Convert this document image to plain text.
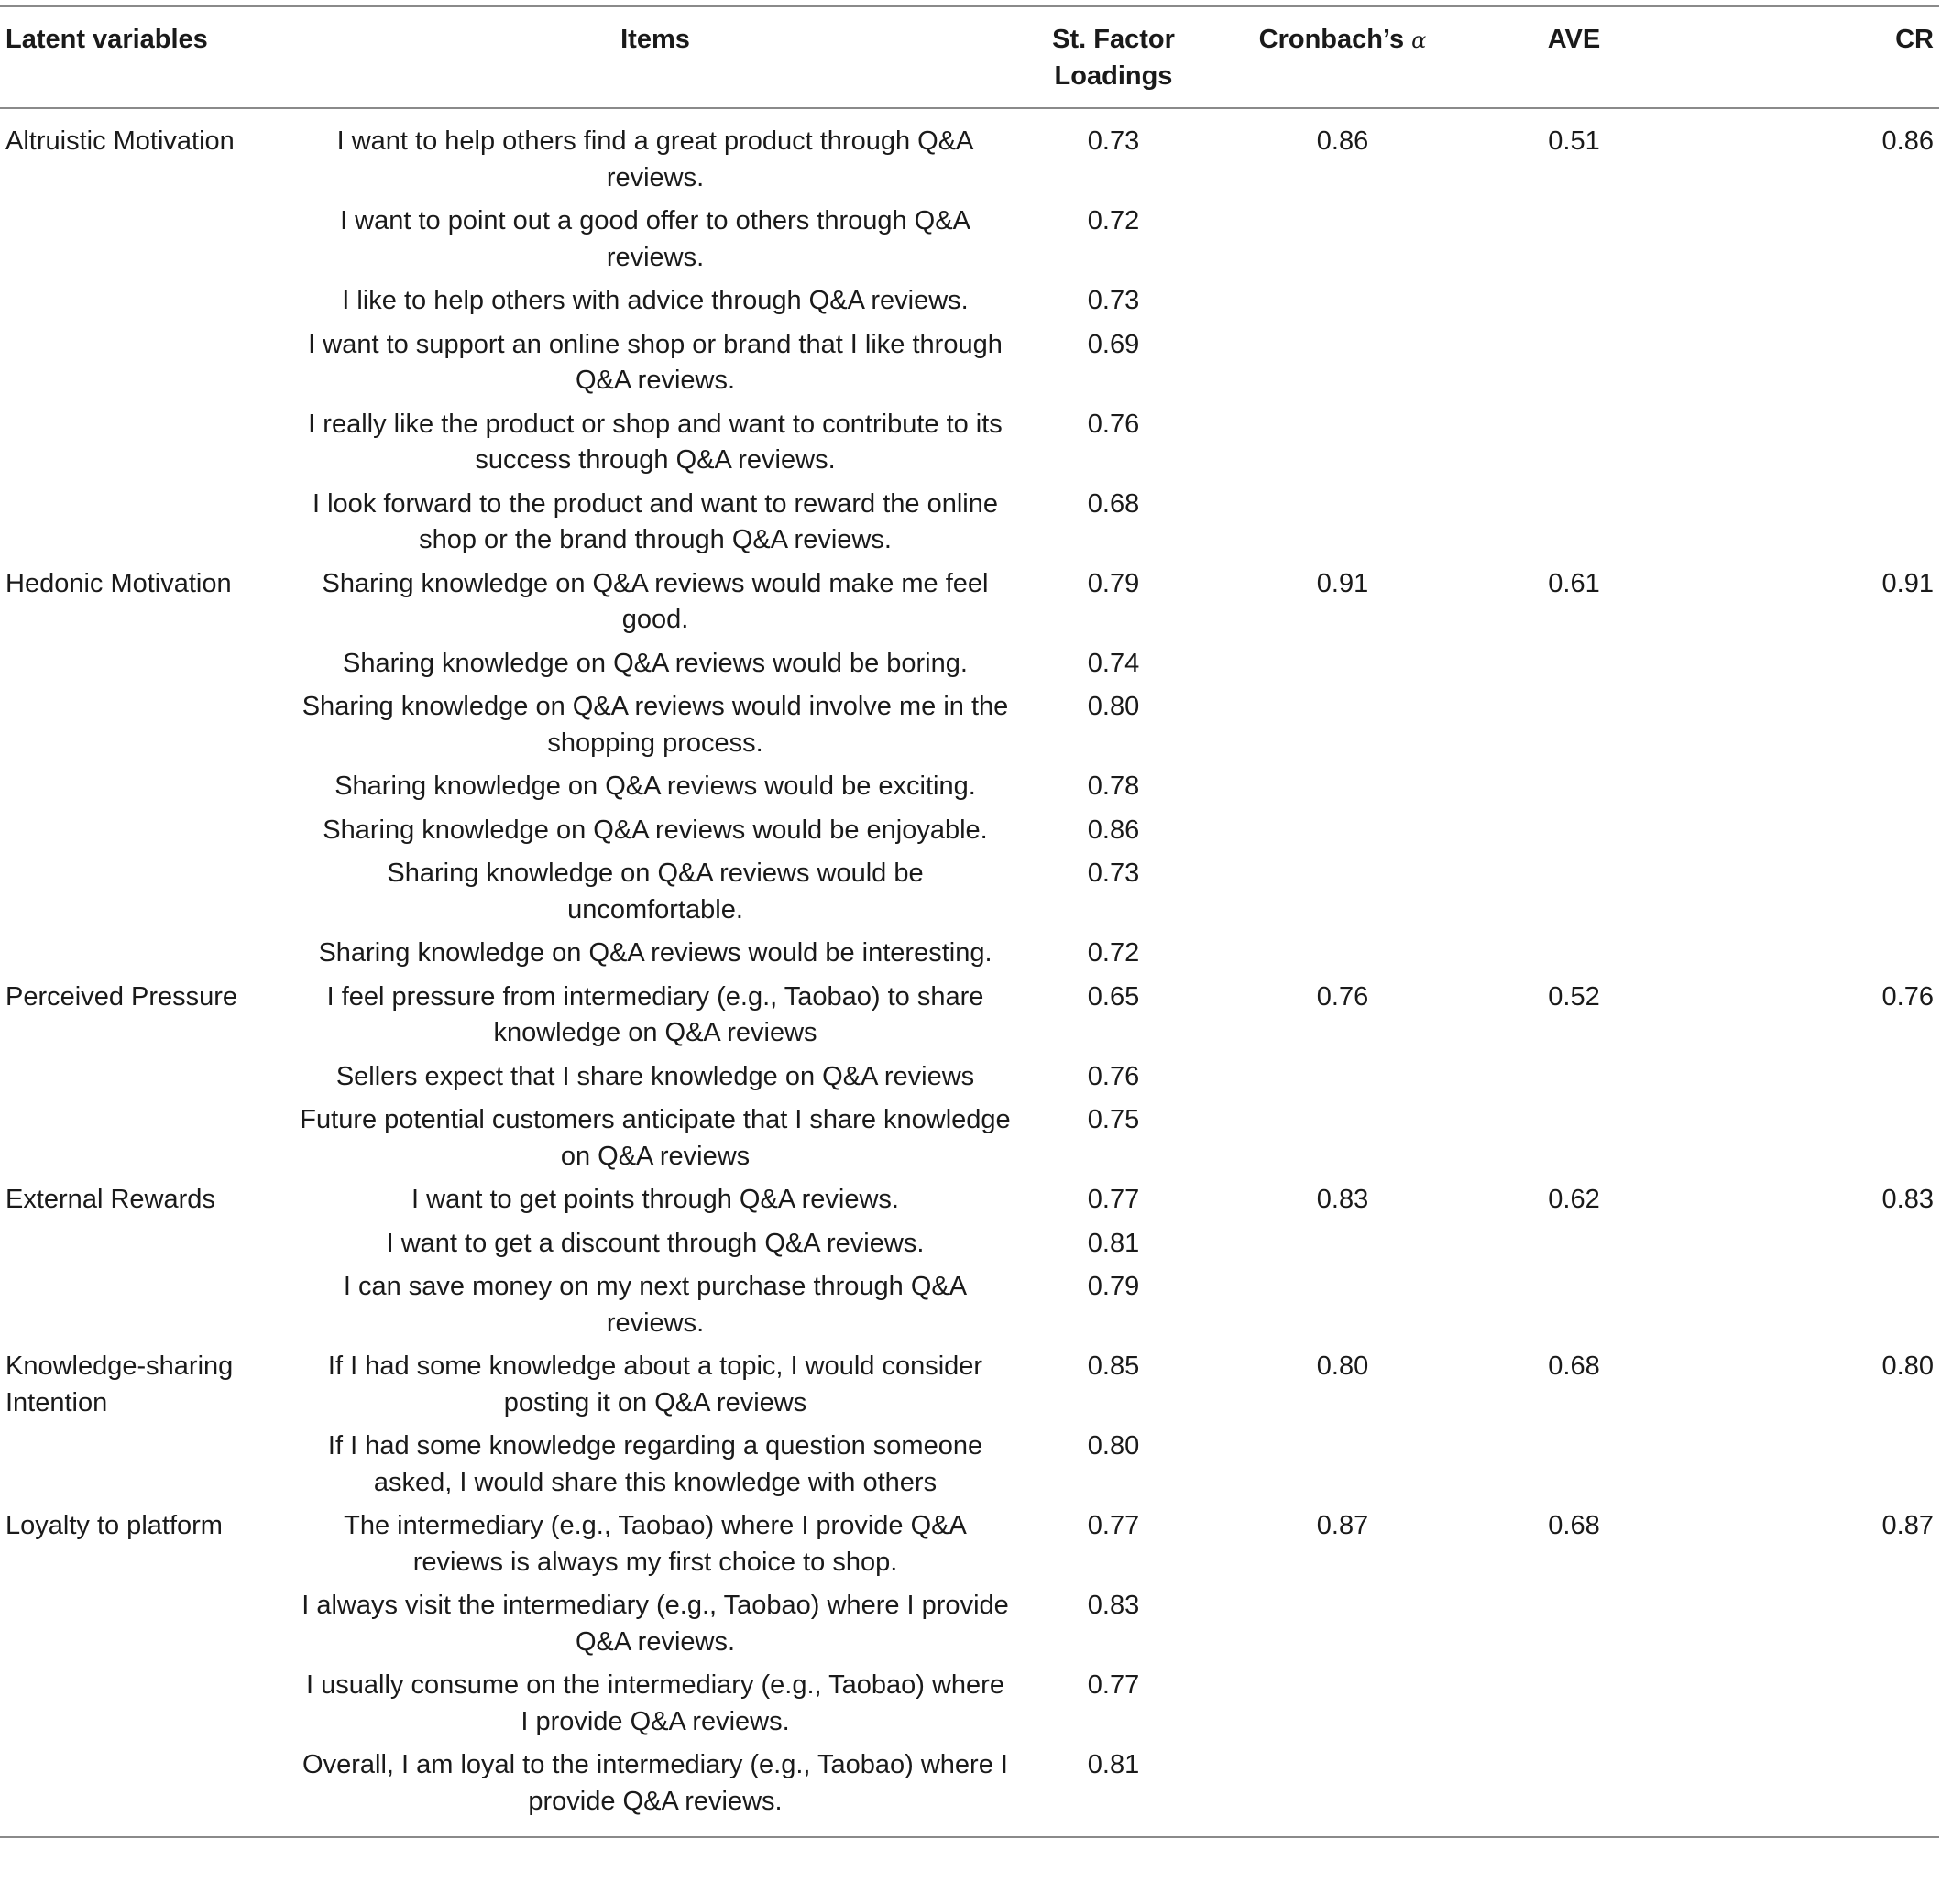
Latent variables	Items	St. Factor Loadings	Cronbach’s α	AVE	CR
Altruistic Motivation	I want to help others find a great product through Q&A reviews.	0.73	0.86	0.51	0.86
	I want to point out a good offer to others through Q&A reviews.	0.72			
	I like to help others with advice through Q&A reviews.	0.73			
	I want to support an online shop or brand that I like through Q&A reviews.	0.69			
	I really like the product or shop and want to contribute to its success through Q&A reviews.	0.76			
	I look forward to the product and want to reward the online shop or the brand through Q&A reviews.	0.68			
Hedonic Motivation	Sharing knowledge on Q&A reviews would make me feel good.	0.79	0.91	0.61	0.91
	Sharing knowledge on Q&A reviews would be boring.	0.74			
	Sharing knowledge on Q&A reviews would involve me in the shopping process.	0.80			
	Sharing knowledge on Q&A reviews would be exciting.	0.78			
	Sharing knowledge on Q&A reviews would be enjoyable.	0.86			
	Sharing knowledge on Q&A reviews would be uncomfortable.	0.73			
	Sharing knowledge on Q&A reviews would be interesting.	0.72			
Perceived Pressure	I feel pressure from intermediary (e.g., Taobao) to share knowledge on Q&A reviews	0.65	0.76	0.52	0.76
	Sellers expect that I share knowledge on Q&A reviews	0.76			
	Future potential customers anticipate that I share knowledge on Q&A reviews	0.75			
External Rewards	I want to get points through Q&A reviews.	0.77	0.83	0.62	0.83
	I want to get a discount through Q&A reviews.	0.81			
	I can save money on my next purchase through Q&A reviews.	0.79			
Knowledge-sharing Intention	If I had some knowledge about a topic, I would consider posting it on Q&A reviews	0.85	0.80	0.68	0.80
	If I had some knowledge regarding a question someone asked, I would share this knowledge with others	0.80			
Loyalty to platform	The intermediary (e.g., Taobao) where I provide Q&A reviews is always my first choice to shop.	0.77	0.87	0.68	0.87
	I always visit the intermediary (e.g., Taobao) where I provide Q&A reviews.	0.83			
	I usually consume on the intermediary (e.g., Taobao) where I provide Q&A reviews.	0.77			
	Overall, I am loyal to the intermediary (e.g., Taobao) where I provide Q&A reviews.	0.81			
